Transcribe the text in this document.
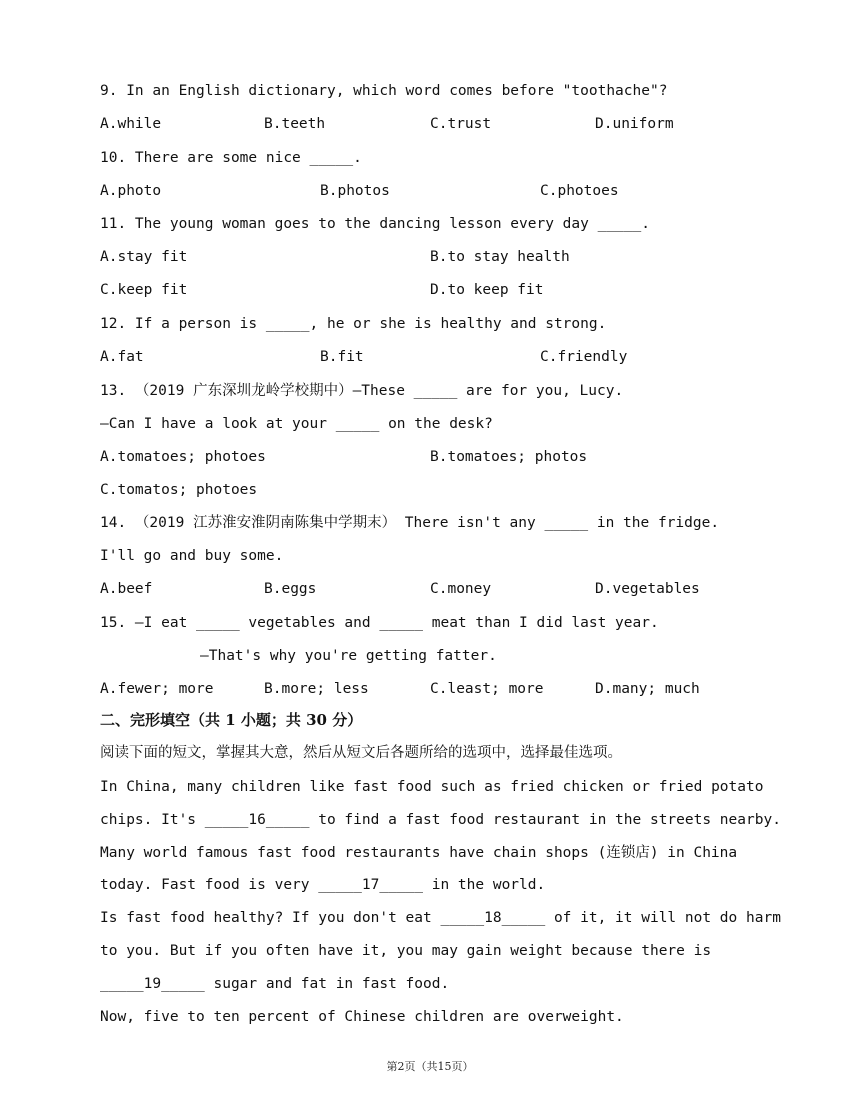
9. In an English dictionary, which word comes before "toothache"?
A.while	B.teeth	C.trust	D.uniform
10. There are some nice _____.
A.photo	B.photos	C.photoes
11. The young woman goes to the dancing lesson every day _____.
A.stay fit	B.to stay health
C.keep fit	D.to keep fit
12. If a person is _____, he or she is healthy and strong.
A.fat	B.fit	C.friendly
13. （2019 广东深圳龙岭学校期中）—These _____ are for you, Lucy.
—Can I have a look at your _____ on the desk?
A.tomatoes; photoes	B.tomatoes; photos
C.tomatos; photoes
14. （2019 江苏淮安淮阴南陈集中学期末） There isn't any _____ in the fridge.
I'll go and buy some.
A.beef	B.eggs	C.money	D.vegetables
15. —I eat _____ vegetables and _____ meat than I did last year.
—That's why you're getting fatter.
A.fewer; more	B.more; less	C.least; more	D.many; much
二、完形填空（共 1 小题；共 30 分）
阅读下面的短文，掌握其大意，然后从短文后各题所给的选项中，选择最佳选项。
In China, many children like fast food such as fried chicken or fried potato
chips. It's _____16_____ to find a fast food restaurant in the streets nearby.
Many world famous fast food restaurants have chain shops (连锁店) in China
today. Fast food is very _____17_____ in the world.
Is fast food healthy? If you don't eat _____18_____ of it, it will not do harm
to you. But if you often have it, you may gain weight because there is
_____19_____ sugar and fat in fast food.
Now, five to ten percent of Chinese children are overweight.
第2页（共15页）
